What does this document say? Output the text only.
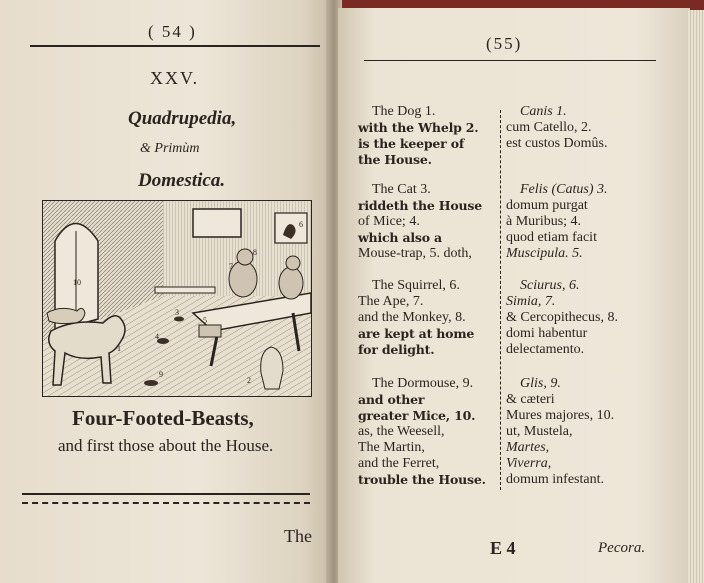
( 54 )
XXV.
Quadrupedia,
& Primùm
Domestica.
1
2
3
4
5
6
7
8
9
10
Four-Footed-Beasts,
and first those about the House.
The
(55)
The Dog 1.
with the Whelp 2.
is the keeper of
the House.
The Cat 3.
riddeth the House
of Mice; 4.
which also a
Mouse-trap, 5. doth,
The Squirrel, 6.
The Ape, 7.
and the Monkey, 8.
are kept at home
for delight.
The Dormouse, 9.
and other
greater Mice, 10.
as, the Weesell,
The Martin,
and the Ferret,
trouble the House.
Canis 1.
cum Catello, 2.
est custos Domûs.
Felis (Catus) 3.
domum purgat
à Muribus; 4.
quod etiam facit
Muscipula. 5.
Sciurus, 6.
Simia, 7.
& Cercopithecus, 8.
domi habentur
delectamento.
Glis, 9.
& cæteri
Mures majores, 10.
ut, Mustela,
Martes,
Viverra,
domum infestant.
E 4	Pecora.
